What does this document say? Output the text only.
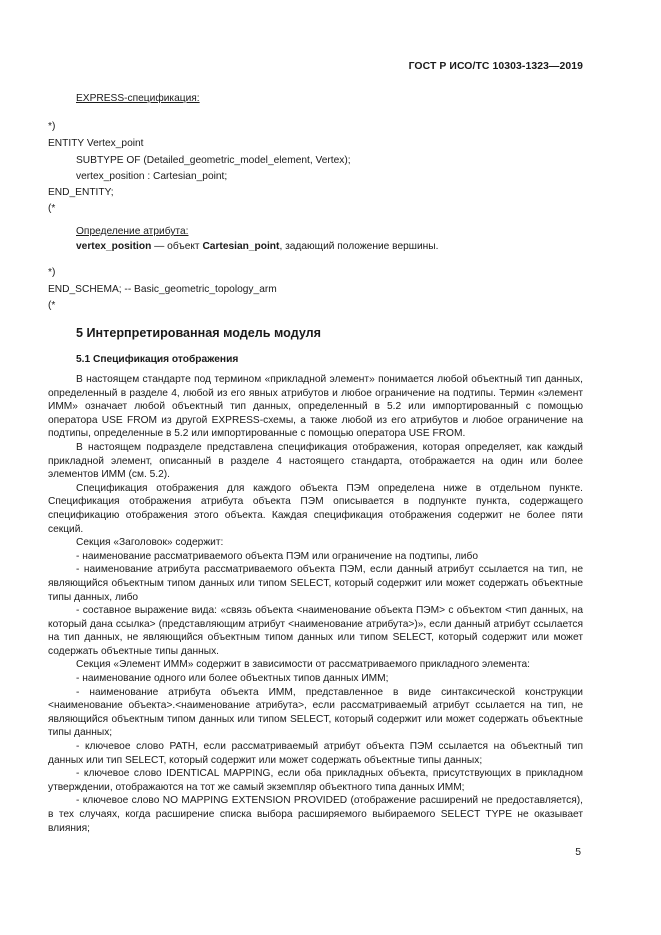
ГОСТ Р ИСО/ТС 10303-1323—2019
EXPRESS-спецификация:
*)
ENTITY Vertex_point
SUBTYPE OF (Detailed_geometric_model_element, Vertex);
vertex_position : Cartesian_point;
END_ENTITY;
(*
Определение атрибута:
vertex_position — объект Cartesian_point, задающий положение вершины.
*)
END_SCHEMA; -- Basic_geometric_topology_arm
(*
5 Интерпретированная модель модуля
5.1 Спецификация отображения

В настоящем стандарте под термином «прикладной элемент» понимается любой объектный тип данных, определенный в разделе 4, любой из его явных атрибутов и любое ограничение на подтипы. Термин «элемент ИММ» означает любой объектный тип данных, определенный в 5.2 или импортированный с помощью оператора USE FROM из другой EXPRESS-схемы, а также любой из его атрибутов и любое ограничение на подтипы, определенные в 5.2 или импортированные с помощью оператора USE FROM.

В настоящем подразделе представлена спецификация отображения, которая определяет, как каждый прикладной элемент, описанный в разделе 4 настоящего стандарта, отображается на один или более элементов ИММ (см. 5.2).

Спецификация отображения для каждого объекта ПЭМ определена ниже в отдельном пункте. Спецификация отображения атрибута объекта ПЭМ описывается в подпункте пункта, содержащего спецификацию отображения этого объекта. Каждая спецификация отображения содержит не более пяти секций.

Секция «Заголовок» содержит:

- наименование рассматриваемого объекта ПЭМ или ограничение на подтипы, либо

- наименование атрибута рассматриваемого объекта ПЭМ, если данный атрибут ссылается на тип, не являющийся объектным типом данных или типом SELECT, который содержит или может содержать объектные типы данных, либо

- составное выражение вида: «связь объекта <наименование объекта ПЭМ> с объектом <тип данных, на который дана ссылка> (представляющим атрибут <наименование атрибута>)», если данный атрибут ссылается на тип данных, не являющийся объектным типом данных или типом SELECT, который содержит или может содержать объектные типы данных.

Секция «Элемент ИММ» содержит в зависимости от рассматриваемого прикладного элемента:

- наименование одного или более объектных типов данных ИММ;

- наименование атрибута объекта ИММ, представленное в виде синтаксической конструкции <наименование объекта>.<наименование атрибута>, если рассматриваемый атрибут ссылается на тип, не являющийся объектным типом данных или типом SELECT, который содержит или может содержать объектные типы данных;

- ключевое слово PATH, если рассматриваемый атрибут объекта ПЭМ ссылается на объектный тип данных или тип SELECT, который содержит или может содержать объектные типы данных;

- ключевое слово IDENTICAL MAPPING, если оба прикладных объекта, присутствующих в прикладном утверждении, отображаются на тот же самый экземпляр объектного типа данных ИММ;

- ключевое слово NO MAPPING EXTENSION PROVIDED (отображение расширений не предоставляется), в тех случаях, когда расширение списка выбора расширяемого выбираемого SELECT TYPE не оказывает влияния;

5
